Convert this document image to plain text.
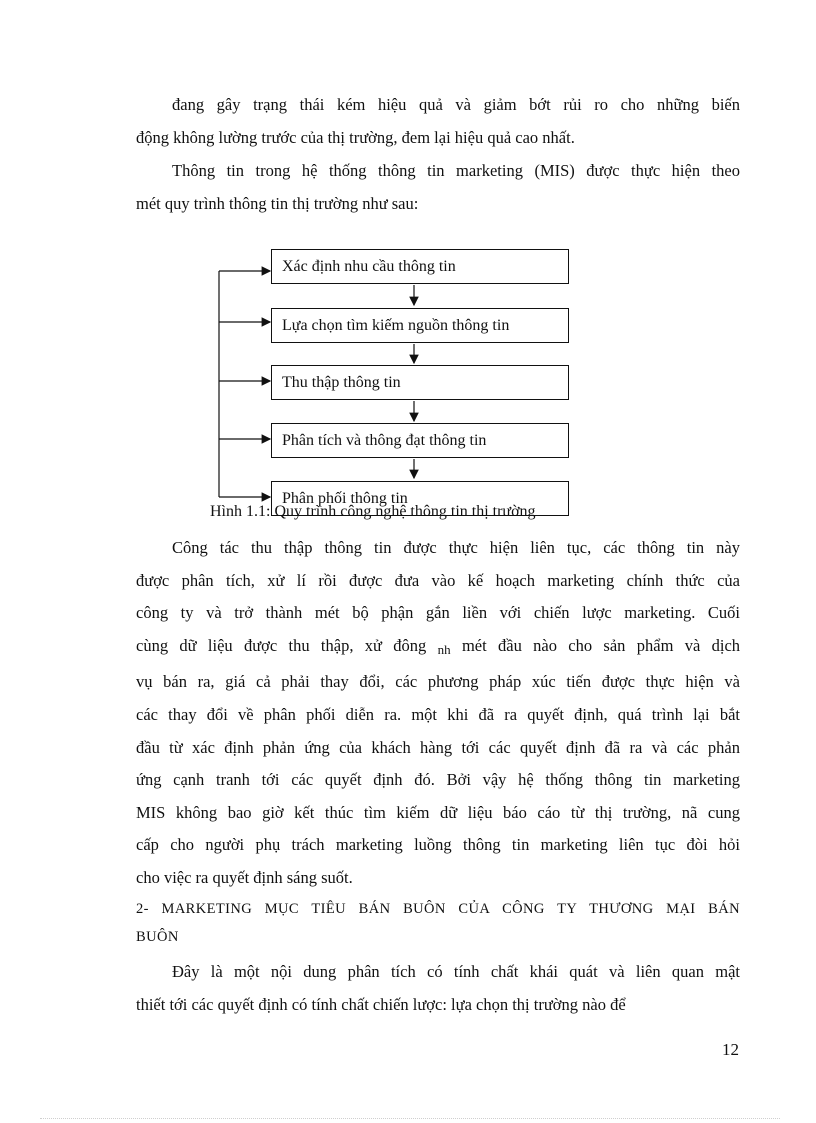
đang gây trạng thái kém hiệu quả và giảm bớt rủi ro cho những biến
động không lường trước của thị trường, đem lại hiệu quả cao nhất.

Thông tin trong hệ thống thông tin marketing (MIS) được thực hiện theo
mét quy trình thông tin thị trường như sau:

Xác định nhu cầu thông tin
Lựa chọn tìm kiếm nguồn thông tin
Thu thập thông tin
Phân tích và thông đạt thông tin
Phân phối thông tin
Hình 1.1: Quy trình công nghệ thông tin thị trường

Công tác thu thập thông tin được thực hiện liên tục, các thông tin này
được phân tích, xử lí rồi được đưa vào kế hoạch marketing chính thức của
công ty và trở thành mét bộ phận gắn liền với chiến lược marketing. Cuối
cùng dữ liệu được thu thập, xử đông $_{nh}$ mét đầu nào cho sản phẩm và dịch
vụ bán ra, giá cả phải thay đổi, các phương pháp xúc tiến được thực hiện và
các thay đổi về phân phối diễn ra. một khi đã ra quyết định, quá trình lại bắt
đầu từ xác định phản ứng của khách hàng tới các quyết định đã ra và các phản
ứng cạnh tranh tới các quyết định đó. Bởi vậy hệ thống thông tin marketing
MIS không bao giờ kết thúc tìm kiếm dữ liệu báo cáo từ thị trường, nã cung
cấp cho người phụ trách marketing luồng thông tin marketing liên tục đòi hỏi
cho việc ra quyết định sáng suốt.

2- MARKETING MỤC TIÊU BÁN BUÔN CỦA CÔNG TY THƯƠNG MẠI BÁN
BUÔN

Đây là một nội dung phân tích có tính chất khái quát và liên quan mật
thiết tới các quyết định có tính chất chiến lược: lựa chọn thị trường nào để

12
